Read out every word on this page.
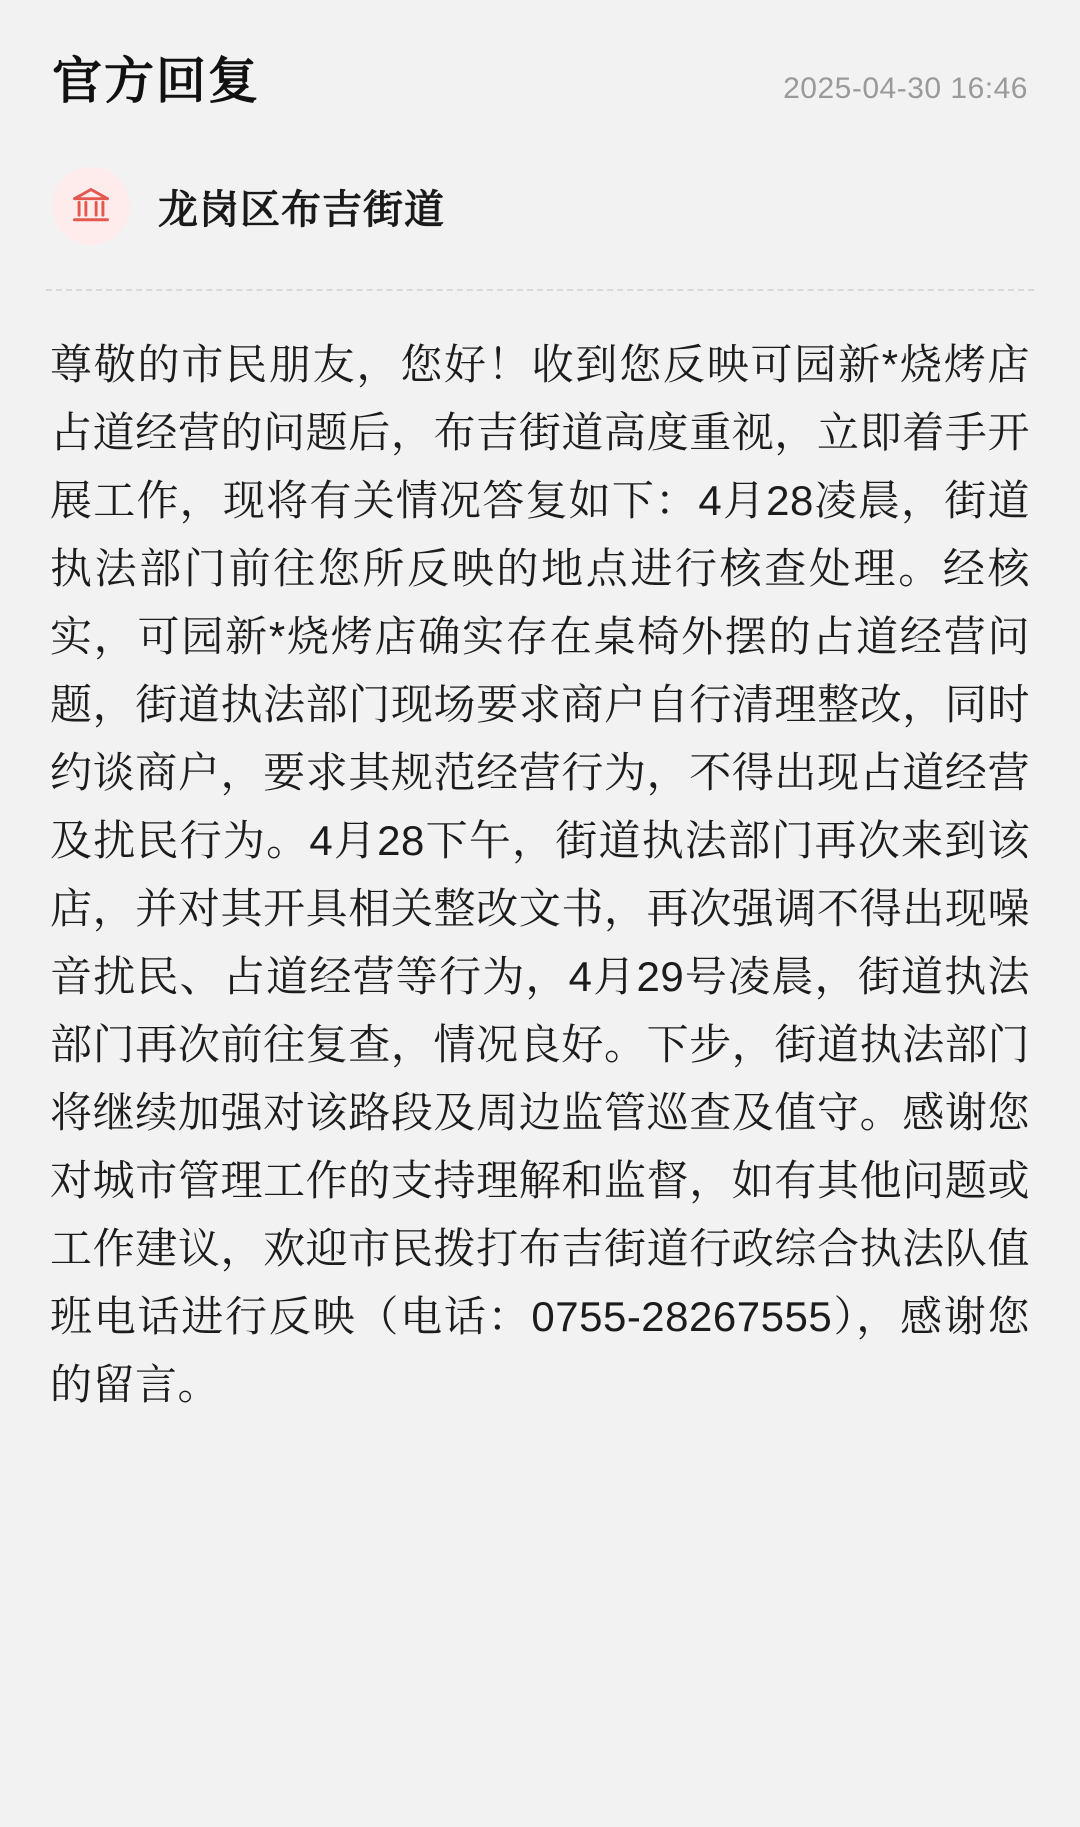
官方回复	2025-04-30 16:46
龙岗区布吉街道
尊敬的市民朋友，您好！收到您反映可园新*烧烤店占道经营的问题后，布吉街道高度重视，立即着手开展工作，现将有关情况答复如下：4月28凌晨，街道执法部门前往您所反映的地点进行核查处理。经核实，可园新*烧烤店确实存在桌椅外摆的占道经营问题，街道执法部门现场要求商户自行清理整改，同时约谈商户，要求其规范经营行为，不得出现占道经营及扰民行为。4月28下午，街道执法部门再次来到该店，并对其开具相关整改文书，再次强调不得出现噪音扰民、占道经营等行为，4月29号凌晨，街道执法部门再次前往复查，情况良好。下步，街道执法部门将继续加强对该路段及周边监管巡查及值守。感谢您对城市管理工作的支持理解和监督，如有其他问题或工作建议，欢迎市民拨打布吉街道行政综合执法队值班电话进行反映（电话：0755-28267555），感谢您的留言。
